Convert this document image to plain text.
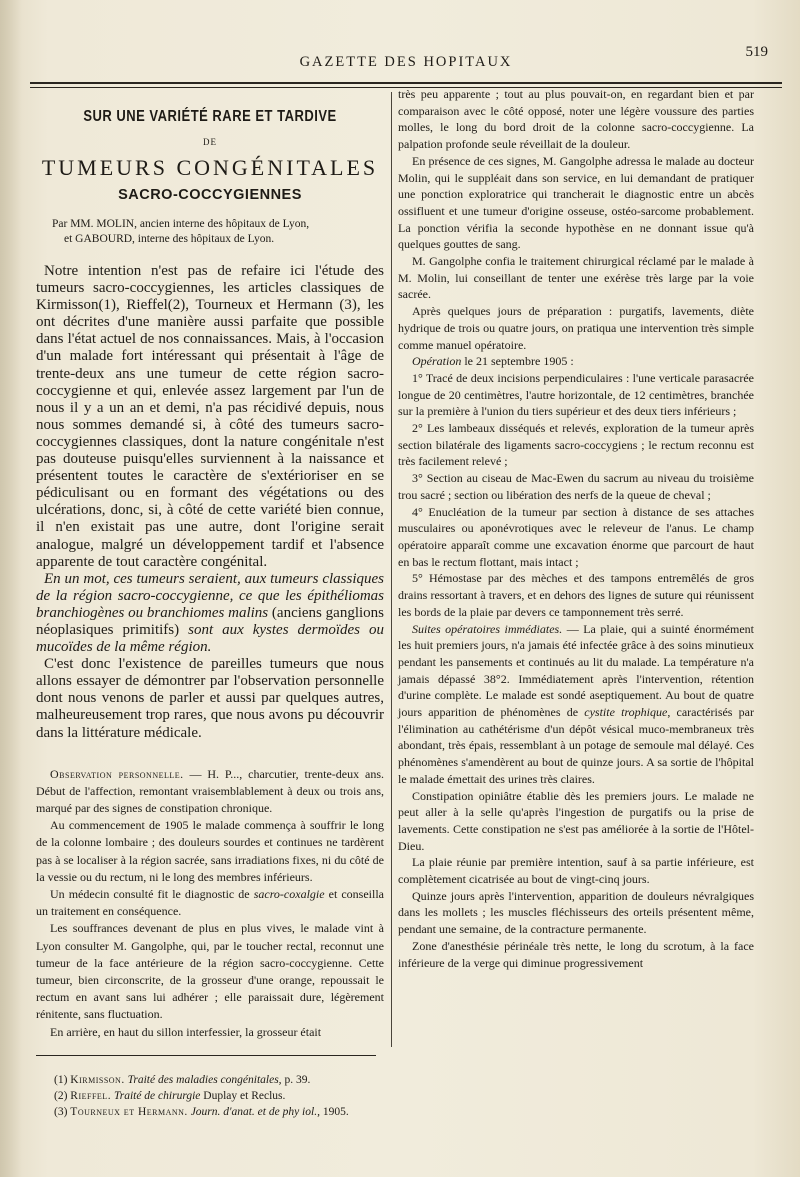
GAZETTE DES HOPITAUX
519
SUR UNE VARIÉTÉ RARE ET TARDIVE
DE
TUMEURS CONGÉNITALES
SACRO-COCCYGIENNES
Par MM. MOLIN, ancien interne des hôpitaux de Lyon,
et GABOURD, interne des hôpitaux de Lyon.

Notre intention n'est pas de refaire ici l'étude des tumeurs sacro-coccygiennes, les articles classiques de Kirmisson(1), Rieffel(2), Tourneux et Hermann (3), les ont décrites d'une manière aussi parfaite que possible dans l'état actuel de nos connaissances. Mais, à l'occasion d'un malade fort intéressant qui présentait à l'âge de trente-deux ans une tumeur de cette région sacro-coccygienne et qui, enlevée assez largement par l'un de nous il y a un an et demi, n'a pas récidivé depuis, nous nous sommes demandé si, à côté des tumeurs sacro-coccygiennes classiques, dont la nature congénitale n'est pas douteuse puisqu'elles surviennent à la naissance et présentent toutes le caractère de s'extérioriser en se pédiculisant ou en formant des végétations ou des ulcérations, donc, si, à côté de cette variété bien connue, il n'en existait pas une autre, dont l'origine serait analogue, malgré un développement tardif et l'absence apparente de tout caractère congénital.

En un mot, ces tumeurs seraient, aux tumeurs classiques de la région sacro-coccygienne, ce que les épithéliomas branchiogènes ou branchiomes malins (anciens ganglions néoplasiques primitifs) sont aux kystes dermoïdes ou mucoïdes de la même région.

C'est donc l'existence de pareilles tumeurs que nous allons essayer de démontrer par l'observation personnelle dont nous venons de parler et aussi par quelques autres, malheureusement trop rares, que nous avons pu découvrir dans la littérature médicale.

Observation personnelle. — H. P..., charcutier, trente-deux ans. Début de l'affection, remontant vraisemblablement à deux ou trois ans, marqué par des signes de constipation chronique.

Au commencement de 1905 le malade commença à souffrir le long de la colonne lombaire ; des douleurs sourdes et continues ne tardèrent pas à se localiser à la région sacrée, sans irradiations fixes, ni du côté de la vessie ou du rectum, ni le long des membres inférieurs.

Un médecin consulté fit le diagnostic de sacro-coxalgie et conseilla un traitement en conséquence.

Les souffrances devenant de plus en plus vives, le malade vint à Lyon consulter M. Gangolphe, qui, par le toucher rectal, reconnut une tumeur de la face antérieure de la région sacro-coccygienne. Cette tumeur, bien circonscrite, de la grosseur d'une orange, repoussait le rectum en avant sans lui adhérer ; elle paraissait dure, légèrement rénitente, sans fluctuation.

En arrière, en haut du sillon interfessier, la grosseur était

(1) Kirmisson. Traité des maladies congénitales, p. 39.
(2) Rieffel. Traité de chirurgie Duplay et Reclus.
(3) Tourneux et Hermann. Journ. d'anat. et de phy iol., 1905.

très peu apparente ; tout au plus pouvait-on, en regardant bien et par comparaison avec le côté opposé, noter une légère voussure des parties molles, le long du bord droit de la colonne sacro-coccygienne. La palpation profonde seule réveillait de la douleur.

En présence de ces signes, M. Gangolphe adressa le malade au docteur Molin, qui le suppléait dans son service, en lui demandant de pratiquer une ponction exploratrice qui trancherait le diagnostic entre un abcès ossifluent et une tumeur d'origine osseuse, ostéo-sarcome probablement. La ponction vérifia la seconde hypothèse en ne donnant issue qu'à quelques gouttes de sang.

M. Gangolphe confia le traitement chirurgical réclamé par le malade à M. Molin, lui conseillant de tenter une exérèse très large par la voie sacrée.

Après quelques jours de préparation : purgatifs, lavements, diète hydrique de trois ou quatre jours, on pratiqua une intervention très simple comme manuel opératoire.

Opération le 21 septembre 1905 :

1° Tracé de deux incisions perpendiculaires : l'une verticale parasacrée longue de 20 centimètres, l'autre horizontale, de 12 centimètres, branchée sur la première à l'union du tiers supérieur et des deux tiers inférieurs ;

2° Les lambeaux disséqués et relevés, exploration de la tumeur après section bilatérale des ligaments sacro-coccygiens ; le rectum reconnu est très facilement relevé ;

3° Section au ciseau de Mac-Ewen du sacrum au niveau du troisième trou sacré ; section ou libération des nerfs de la queue de cheval ;

4° Enucléation de la tumeur par section à distance de ses attaches musculaires ou aponévrotiques avec le releveur de l'anus. Le champ opératoire apparaît comme une excavation énorme que parcourt de haut en bas le rectum flottant, mais intact ;

5° Hémostase par des mèches et des tampons entremêlés de gros drains ressortant à travers, et en dehors des lignes de suture qui réunissent les bords de la plaie par devers ce tamponnement très serré.

Suites opératoires immédiates. — La plaie, qui a suinté énormément les huit premiers jours, n'a jamais été infectée grâce à des soins minutieux pendant les pansements et continués au lit du malade. La température n'a jamais dépassé 38°2. Immédiatement après l'intervention, rétention d'urine complète. Le malade est sondé aseptiquement. Au bout de quatre jours apparition de phénomènes de cystite trophique, caractérisés par l'élimination au cathétérisme d'un dépôt vésical muco-membraneux très abondant, très épais, ressemblant à un potage de semoule mal délayé. Ces phénomènes s'amendèrent au bout de quinze jours. A sa sortie de l'hôpital le malade émettait des urines très claires.

Constipation opiniâtre établie dès les premiers jours. Le malade ne peut aller à la selle qu'après l'ingestion de purgatifs ou la prise de lavements. Cette constipation ne s'est pas améliorée à la sortie de l'Hôtel-Dieu.

La plaie réunie par première intention, sauf à sa partie inférieure, est complètement cicatrisée au bout de vingt-cinq jours.

Quinze jours après l'intervention, apparition de douleurs névralgiques dans les mollets ; les muscles fléchisseurs des orteils présentent même, pendant une semaine, de la contracture permanente.

Zone d'anesthésie périnéale très nette, le long du scrotum, à la face inférieure de la verge qui diminue progressivement
